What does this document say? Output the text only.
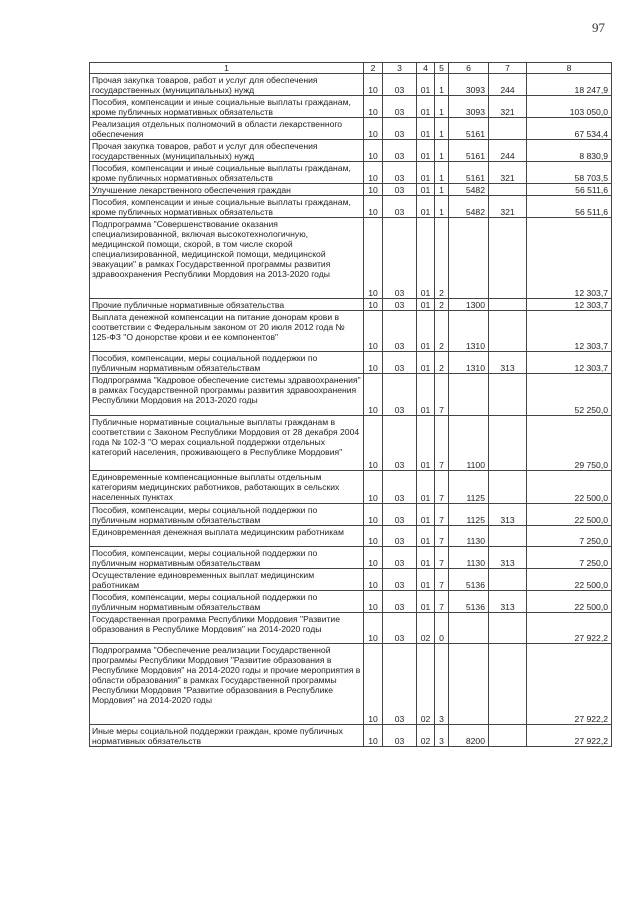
97
1	2	3	4	5	6	7	8
Прочая закупка товаров, работ и услуг для обеспечения государственных (муниципальных) нужд	10	03	01	1	3093	244	18 247,9
Пособия, компенсации и иные социальные выплаты гражданам, кроме публичных нормативных обязательств	10	03	01	1	3093	321	103 050,0
Реализация отдельных полномочий в области лекарственного обеспечения	10	03	01	1	5161		67 534,4
Прочая закупка товаров, работ и услуг для обеспечения государственных (муниципальных) нужд	10	03	01	1	5161	244	8 830,9
Пособия, компенсации и иные социальные выплаты гражданам, кроме публичных нормативных обязательств	10	03	01	1	5161	321	58 703,5
Улучшение лекарственного обеспечения граждан	10	03	01	1	5482		56 511,6
Пособия, компенсации и иные социальные выплаты гражданам, кроме публичных нормативных обязательств	10	03	01	1	5482	321	56 511,6
Подпрограмма "Совершенствование оказания специализированной, включая высокотехнологичную, медицинской помощи, скорой, в том числе скорой специализированной, медицинской помощи, медицинской эвакуации" в рамках Государственной программы развития здравоохранения Республики Мордовия на 2013-2020 годы	10	03	01	2			12 303,7
Прочие публичные нормативные обязательства	10	03	01	2	1300		12 303,7
Выплата денежной компенсации на питание донорам крови в соответствии с Федеральным законом от 20 июля 2012 года № 125-ФЗ "О донорстве крови и ее компонентов"	10	03	01	2	1310		12 303,7
Пособия, компенсации, меры социальной поддержки по публичным нормативным обязательствам	10	03	01	2	1310	313	12 303,7
Подпрограмма "Кадровое обеспечение системы здравоохранения" в рамках Государственной программы развития здравоохранения Республики Мордовия на 2013-2020 годы	10	03	01	7			52 250,0
Публичные нормативные социальные выплаты гражданам в соответствии с Законом Республики Мордовия от 28 декабря 2004 года № 102-З "О мерах социальной поддержки отдельных категорий населения, проживающего в Республике Мордовия"	10	03	01	7	1100		29 750,0
Единовременные компенсационные выплаты отдельным категориям медицинских работников, работающих в сельских населенных пунктах	10	03	01	7	1125		22 500,0
Пособия, компенсации, меры социальной поддержки по публичным нормативным обязательствам	10	03	01	7	1125	313	22 500,0
Единовременная денежная выплата медицинским работникам	10	03	01	7	1130		7 250,0
Пособия, компенсации, меры социальной поддержки по публичным нормативным обязательствам	10	03	01	7	1130	313	7 250,0
Осуществление единовременных выплат медицинским работникам	10	03	01	7	5136		22 500,0
Пособия, компенсации, меры социальной поддержки по публичным нормативным обязательствам	10	03	01	7	5136	313	22 500,0
Государственная программа Республики Мордовия "Развитие образования в Республике Мордовия" на 2014-2020 годы	10	03	02	0			27 922,2
Подпрограмма "Обеспечение реализации Государственной программы Республики Мордовия "Развитие образования в Республике Мордовия" на 2014-2020 годы и прочие мероприятия в области образования" в рамках Государственной программы Республики Мордовия "Развитие образования в Республике Мордовия" на 2014-2020 годы	10	03	02	3			27 922,2
Иные меры социальной поддержки граждан, кроме публичных нормативных обязательств	10	03	02	3	8200		27 922,2
